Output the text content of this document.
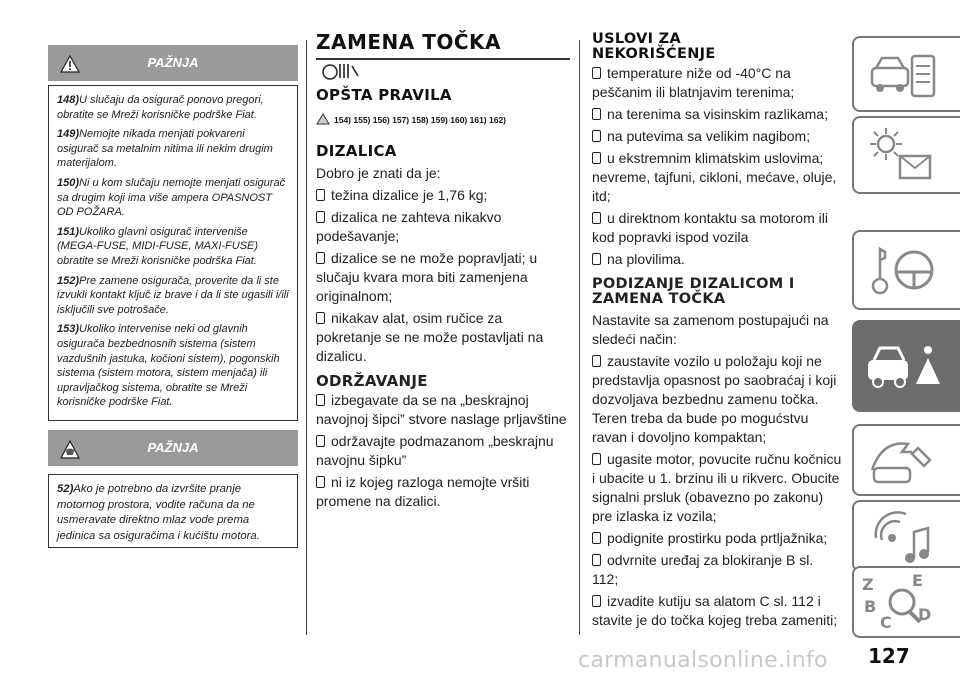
PAŽNJA

148)U slučaju da osigurač ponovo pregori, obratite se Mreži korisničke podrške Fiat.

149)Nemojte nikada menjati pokvareni osigurač sa metalnim nitima ili nekim drugim materijalom.

150)Ni u kom slučaju nemojte menjati osigurač sa drugim koji ima više ampera OPASNOST OD POŽARA.

151)Ukoliko glavni osigurač interveniše (MEGA-FUSE, MIDI-FUSE, MAXI-FUSE) obratite se Mreži korisničke podrška Fiat.

152)Pre zamene osigurača, proverite da li ste izvukli kontakt ključ iz brave i da li ste ugasili i/ili isključili sve potrošače.

153)Ukoliko intervenise neki od glavnih osigurača bezbednosnih sistema (sistem vazdušnih jastuka, kočioni sistem), pogonskih sistema (sistem motora, sistem menjača) ili upravljačkog sistema, obratite se Mreži korisničke podrške Fiat.

PAŽNJA

52)Ako je potrebno da izvršite pranje motornog prostora, vodite računa da ne usmeravate direktno mlaz vode prema jedinica sa osiguračima i kućištu motora.

ZAMENA TOČKA
OPŠTA PRAVILA
154) 155) 156) 157) 158) 159) 160) 161) 162)
DIZALICA
Dobro je znati da je:
težina dizalice je 1,76 kg;
dizalica ne zahteva nikakvo podešavanje;
dizalice se ne može popravljati; u slučaju kvara mora biti zamenjena originalnom;
nikakav alat, osim ručice za pokretanje se ne može postavljati na dizalicu.
ODRŽAVANJE
izbegavate da se na „beskrajnoj navojnoj šipci” stvore naslage prljavštine
održavajte podmazanom „beskrajnu navojnu šipku”
ni iz kojeg razloga nemojte vršiti promene na dizalici.
USLOVI ZA NEKORIŠĆENJE
temperature niže od -40°C na peščanim ili blatnjavim terenima;
na terenima sa visinskim razlikama;
na putevima sa velikim nagibom;
u ekstremnim klimatskim uslovima; nevreme, tajfuni, cikloni, mećave, oluje, itd;
u direktnom kontaktu sa motorom ili kod popravki ispod vozila
na plovilima.
PODIZANJE DIZALICOM I ZAMENA TOČKA
Nastavite sa zamenom postupajući na sledeći način:
zaustavite vozilo u položaju koji ne predstavlja opasnost po saobraćaj i koji dozvoljava bezbednu zamenu točka. Teren treba da bude po mogućstvu ravan i dovoljno kompaktan;
ugasite motor, povucite ručnu kočnicu i ubacite u 1. brzinu ili u rikverc. Obucite signalni prsluk (obavezno po zakonu) pre izlaska iz vozila;
podignite prostirku poda prtljažnika;
odvrnite uređaj za blokiranje B sl. 112;
izvadite kutiju sa alatom C sl. 112 i stavite je do točka kojeg treba zameniti;
Z E
B
C D
127
carmanualsonline.info
